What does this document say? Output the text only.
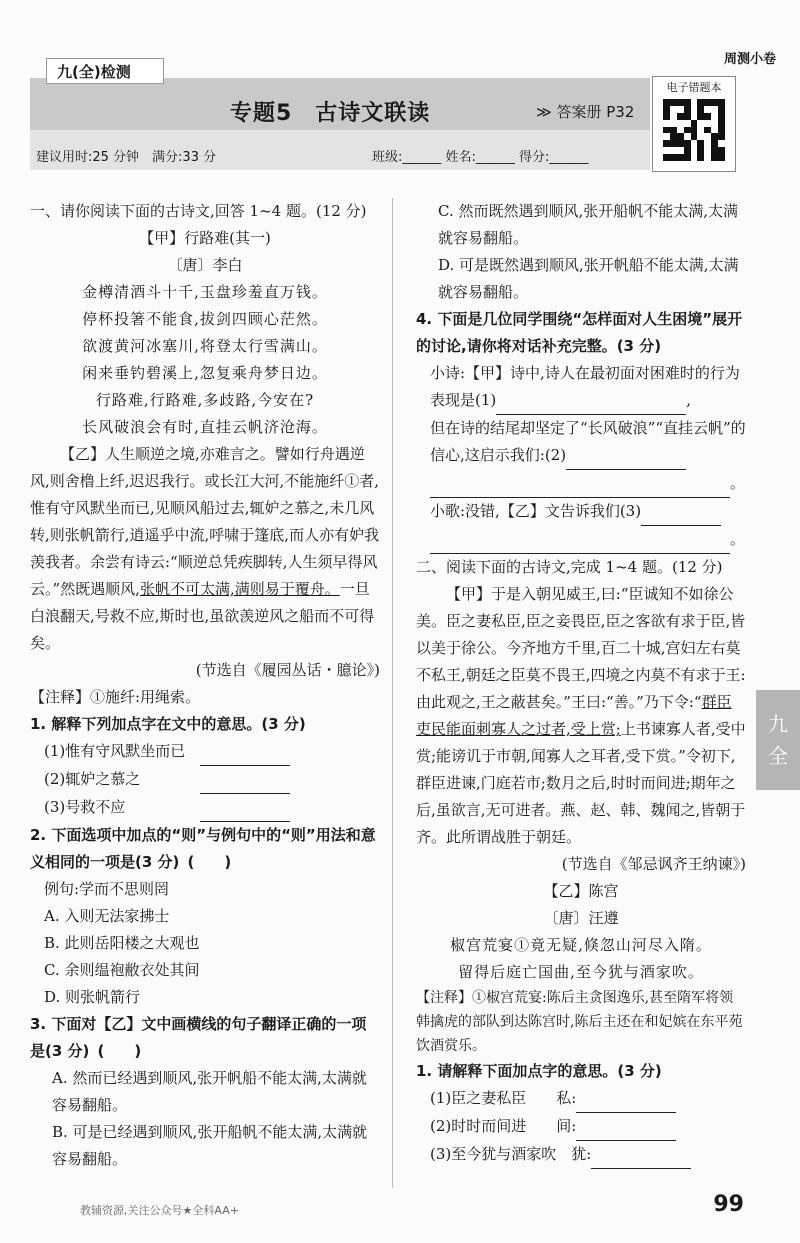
九(全)检测
周测小卷
专题5　古诗文联读	≫ 答案册 P32
建议用时:25 分钟　满分:33 分	班级:______ 姓名:______ 得分:______
电子错题本

一、请你阅读下面的古诗文,回答 1~4 题。(12 分)

【甲】行路难(其一)

〔唐〕李白

金樽清酒斗十千,玉盘珍羞直万钱。

停杯投箸不能食,拔剑四顾心茫然。

欲渡黄河冰塞川,将登太行雪满山。

闲来垂钓碧溪上,忽复乘舟梦日边。

行路难,行路难,多歧路,今安在?

长风破浪会有时,直挂云帆济沧海。

【乙】人生顺逆之境,亦难言之。譬如行舟遇逆风,则舍橹上纤,迟迟我行。或长江大河,不能施纤①者,惟有守风默坐而已,见顺风船过去,辄妒之慕之,未几风转,则张帆箭行,逍遥乎中流,呼啸于篷底,而人亦有妒我羡我者。余尝有诗云:“顺逆总凭疾脚转,人生须早得风云。”然既遇顺风,张帆不可太满,满则易于覆舟。一旦白浪翻天,号救不应,斯时也,虽欲羡逆风之船而不可得矣。

(节选自《履园丛话・臆论》)

【注释】①施纤:用绳索。

1. 解释下列加点字在文中的意思。(3 分)

(1)惟有守风默坐而已　

(2)辄妒之慕之　　　　

(3)号救不应　　　　　

2. 下面选项中加点的“则”与例句中的“则”用法和意义相同的一项是(3 分) (　　)

例句:学而不思则罔

A. 入则无法家拂士

B. 此则岳阳楼之大观也

C. 余则缊袍敝衣处其间

D. 则张帆箭行

3. 下面对【乙】文中画横线的句子翻译正确的一项是(3 分) (　　)

A. 然而已经遇到顺风,张开帆船不能太满,太满就容易翻船。

B. 可是已经遇到顺风,张开船帆不能太满,太满就容易翻船。

C. 然而既然遇到顺风,张开船帆不能太满,太满就容易翻船。

D. 可是既然遇到顺风,张开帆船不能太满,太满就容易翻船。

4. 下面是几位同学围绕“怎样面对人生困境”展开的讨论,请你将对话补充完整。(3 分)

小诗:【甲】诗中,诗人在最初面对困难时的行为表现是(1)	,

但在诗的结尾却坚定了“长风破浪”“直挂云帆”的信心,这启示我们:(2)
。

小歌:没错,【乙】文告诉我们(3)
。

二、阅读下面的古诗文,完成 1~4 题。(12 分)

【甲】于是入朝见威王,曰:“臣诚知不如徐公美。臣之妻私臣,臣之妾畏臣,臣之客欲有求于臣,皆以美于徐公。今齐地方千里,百二十城,宫妇左右莫不私王,朝廷之臣莫不畏王,四境之内莫不有求于王:由此观之,王之蔽甚矣。”王曰:“善。”乃下令:“群臣吏民能面刺寡人之过者,受上赏;上书谏寡人者,受中赏;能谤讥于市朝,闻寡人之耳者,受下赏。”令初下,群臣进谏,门庭若市;数月之后,时时而间进;期年之后,虽欲言,无可进者。燕、赵、韩、魏闻之,皆朝于齐。此所谓战胜于朝廷。

(节选自《邹忌讽齐王纳谏》)

【乙】陈宫

〔唐〕汪遵

椒宫荒宴①竟无疑,倏忽山河尽入隋。

留得后庭亡国曲,至今犹与酒家吹。

【注释】①椒宫荒宴:陈后主贪图逸乐,甚至隋军将领韩擒虎的部队到达陈宫时,陈后主还在和妃嫔在东平苑饮酒赏乐。

1. 请解释下面加点字的意思。(3 分)

(1)臣之妻私臣　　 私:

(2)时时而间进　　 间:

(3)至今犹与酒家吹　 犹:

九
全
教辅资源,关注公众号★全科AA+	99
